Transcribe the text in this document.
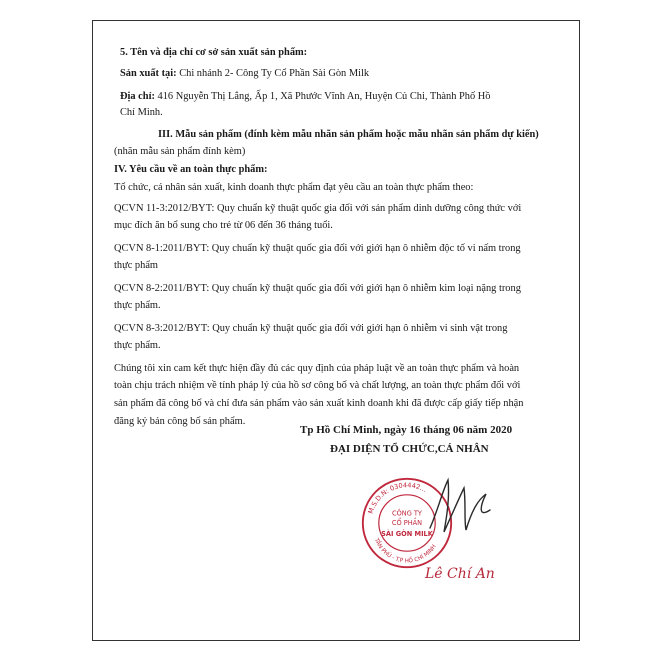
5. Tên và địa chỉ cơ sở sản xuất sản phẩm:
Sản xuất tại: Chi nhánh 2- Công Ty Cổ Phần Sài Gòn Milk
Địa chỉ: 416 Nguyễn Thị Lắng, Ấp 1, Xã Phước Vĩnh An, Huyện Củ Chi, Thành Phố Hồ
Chí Minh.
III. Mẫu sản phẩm (đính kèm mẫu nhãn sản phẩm hoặc mẫu nhãn sản phẩm dự kiến)
(nhãn mẫu sản phẩm đính kèm)
IV. Yêu cầu về an toàn thực phẩm:
Tổ chức, cá nhân sản xuất, kinh doanh thực phẩm đạt yêu cầu an toàn thực phẩm theo:
QCVN 11-3:2012/BYT: Quy chuẩn kỹ thuật quốc gia đối với sản phẩm dinh dưỡng công thức với
mục đích ăn bổ sung cho trẻ từ 06 đến 36 tháng tuổi.
QCVN 8-1:2011/BYT: Quy chuẩn kỹ thuật quốc gia đối với giới hạn ô nhiễm độc tố vi nấm trong
thực phẩm
QCVN 8-2:2011/BYT: Quy chuẩn kỹ thuật quốc gia đối với giới hạn ô nhiễm kim loại nặng trong
thực phẩm.
QCVN 8-3:2012/BYT: Quy chuẩn kỹ thuật quốc gia đối với giới hạn ô nhiễm vi sinh vật trong
thực phẩm.
Chúng tôi xin cam kết thực hiện đầy đủ các quy định của pháp luật về an toàn thực phẩm và hoàn
toàn chịu trách nhiệm về tính pháp lý của hồ sơ công bố và chất lượng, an toàn thực phẩm đối với
sản phẩm đã công bố và chỉ đưa sản phẩm vào sản xuất kinh doanh khi đã được cấp giấy tiếp nhận
đăng ký bản công bố sản phẩm.
Tp Hồ Chí Minh, ngày 16 tháng 06 năm 2020
ĐẠI DIỆN TỔ CHỨC,CÁ NHÂN
M.S.D.N: 0304442...
TÂN PHÚ - T.P HỒ CHÍ MINH
CÔNG TY
CỔ PHẦN
SÀI GÒN MILK
Lê Chí An
